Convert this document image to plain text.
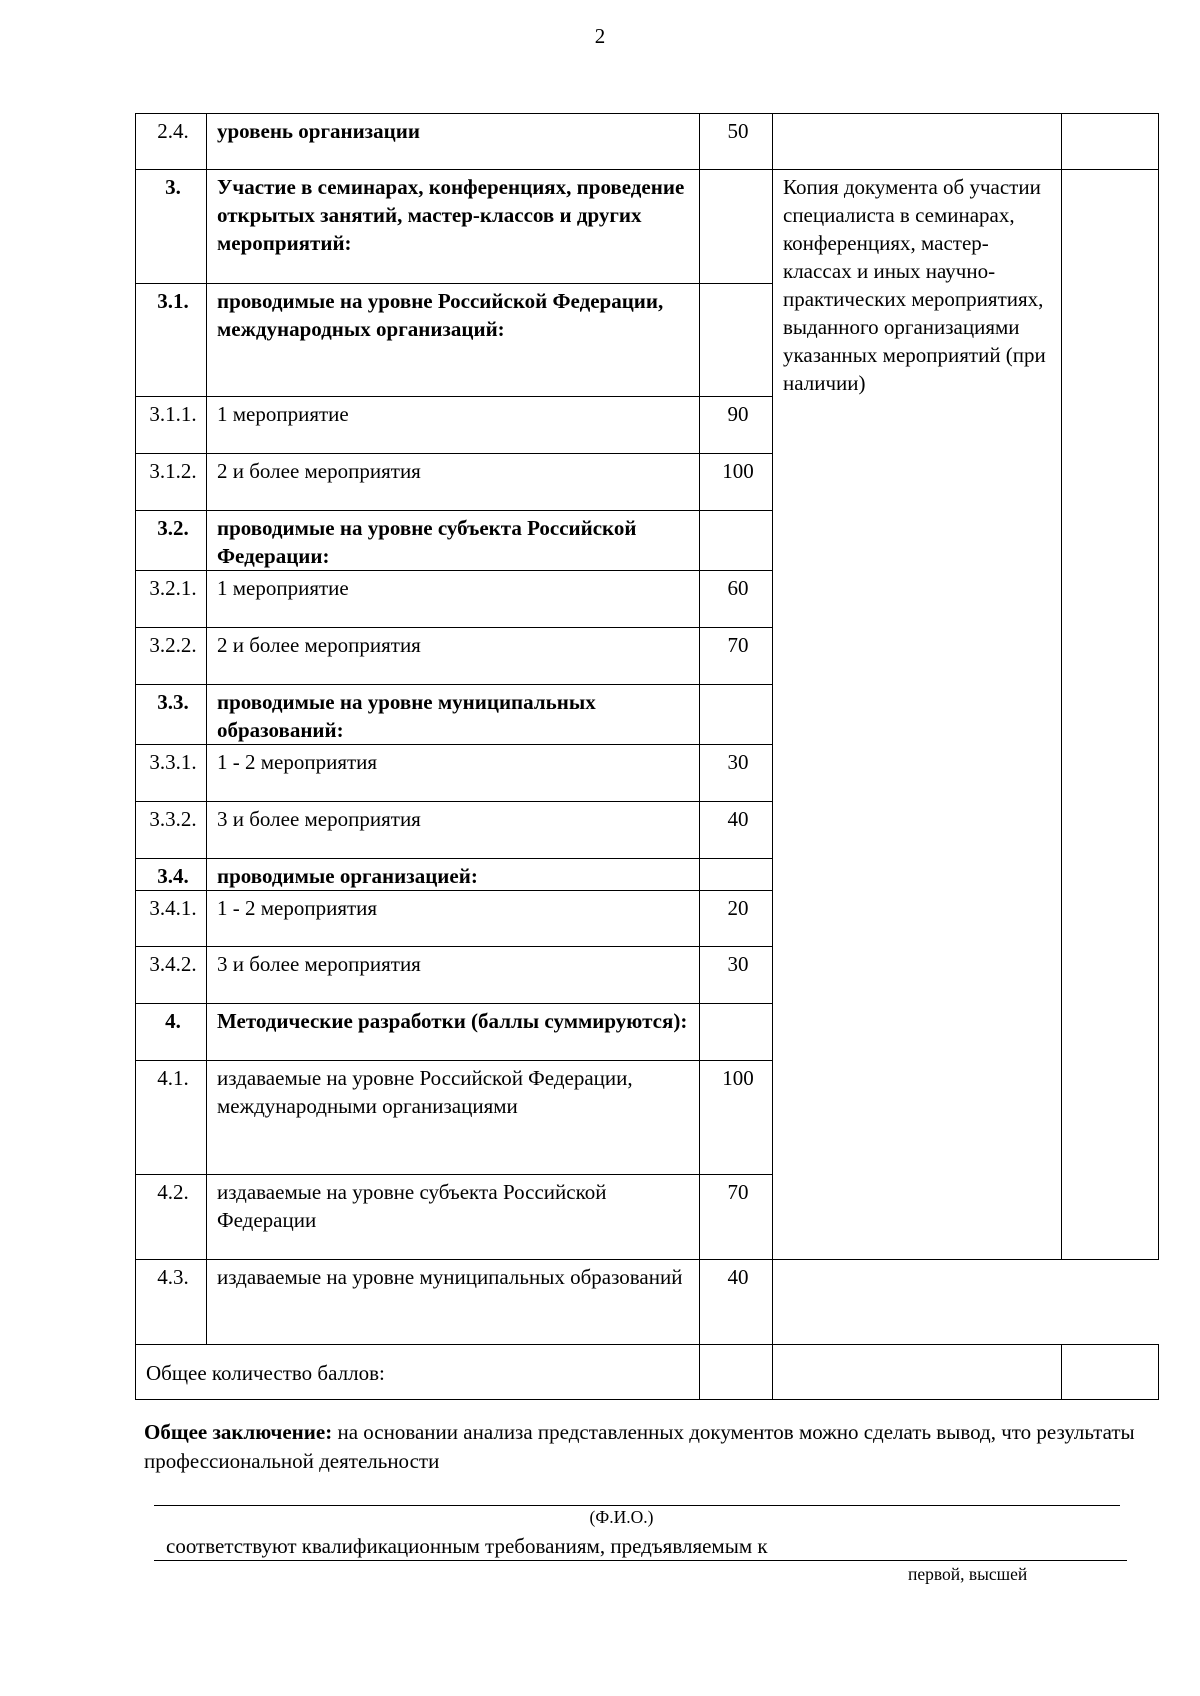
2
2.4.	уровень организации	50		
3.	Участие в семинарах, конференциях, проведение открытых занятий, мастер-классов и других мероприятий:		Копия документа об участии специалиста в семинарах, конференциях, мастер-классах и иных научно-практических мероприятиях, выданного организациями указанных мероприятий (при наличии)	
3.1.	проводимые на уровне Российской Федерации, международных организаций:			
3.1.1.	1 мероприятие	90		
3.1.2.	2 и более мероприятия	100		
3.2.	проводимые на уровне субъекта Российской Федерации:			
3.2.1.	1 мероприятие	60		
3.2.2.	2 и более мероприятия	70		
3.3.	проводимые на уровне муниципальных образований:			
3.3.1.	1 - 2 мероприятия	30		
3.3.2.	3 и более мероприятия	40		
3.4.	проводимые организацией:			
3.4.1.	1 - 2 мероприятия	20		
3.4.2.	3 и более мероприятия	30		
4.	Методические разработки (баллы суммируются):			
4.1.	издаваемые на уровне Российской Федерации, международными организациями	100		
4.2.	издаваемые на уровне субъекта Российской Федерации	70		
4.3.	издаваемые на уровне муниципальных образований	40		
Общее количество баллов:				
Общее заключение: на основании анализа представленных документов можно сделать вывод, что результаты профессиональной деятельности
(Ф.И.О.)
соответствуют квалификационным требованиям, предъявляемым к
первой, высшей
